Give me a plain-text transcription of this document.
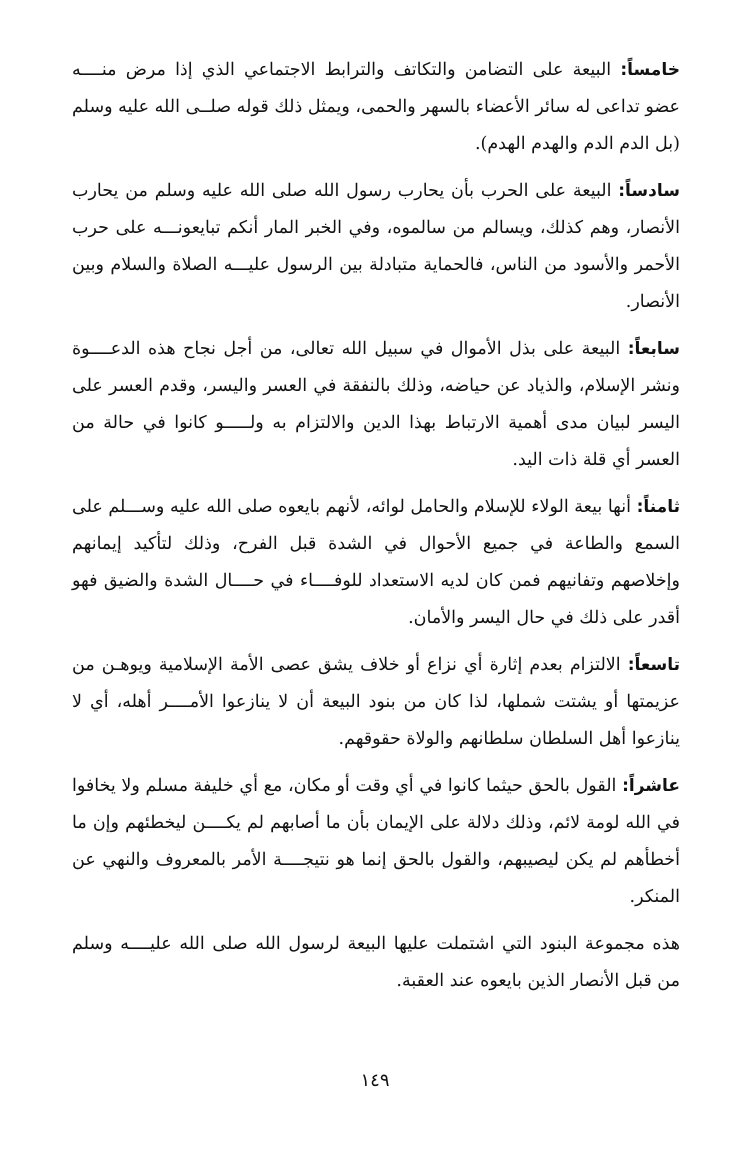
خامساً: البيعة على التضامن والتكاتف والترابط الاجتماعي الذي إذا مرض منــــه عضو تداعى له سائر الأعضاء بالسهر والحمى، ويمثل ذلك قوله صلــى الله عليه وسلم (بل الدم الدم والهدم الهدم).

سادساً: البيعة على الحرب بأن يحارب رسول الله صلى الله عليه وسلم من يحارب الأنصار، وهم كذلك، ويسالم من سالموه، وفي الخبر المار أنكم تبايعونـــه على حرب الأحمر والأسود من الناس، فالحماية متبادلة بين الرسول عليـــه الصلاة والسلام وبين الأنصار.

سابعاً: البيعة على بذل الأموال في سبيل الله تعالى، من أجل نجاح هذه الدعــــوة ونشر الإسلام، والذياد عن حياضه، وذلك بالنفقة في العسر واليسر، وقدم العسر على اليسر لبيان مدى أهمية الارتباط بهذا الدين والالتزام به ولـــــو كانوا في حالة من العسر أي قلة ذات اليد.

ثامناً: أنها بيعة الولاء للإسلام والحامل لوائه، لأنهم بايعوه صلى الله عليه وســـلم على السمع والطاعة في جميع الأحوال في الشدة قبل الفرح، وذلك لتأكيد إيمانهم وإخلاصهم وتفانيهم فمن كان لديه الاستعداد للوفــــاء في حــــال الشدة والضيق فهو أقدر على ذلك في حال اليسر والأمان.

تاسعاً: الالتزام بعدم إثارة أي نزاع أو خلاف يشق عصى الأمة الإسلامية ويوهـن من عزيمتها أو يشتت شملها، لذا كان من بنود البيعة أن لا ينازعوا الأمــــر أهله، أي لا ينازعوا أهل السلطان سلطانهم والولاة حقوقهم.

عاشراً: القول بالحق حيثما كانوا في أي وقت أو مكان، مع أي خليفة مسلم ولا يخافوا في الله لومة لائم، وذلك دلالة على الإيمان بأن ما أصابهم لم يكــــن ليخطئهم وإن ما أخطأهم لم يكن ليصيبهم، والقول بالحق إنما هو نتيجــــة الأمر بالمعروف والنهي عن المنكر.

هذه مجموعة البنود التي اشتملت عليها البيعة لرسول الله صلى الله عليــــه وسلم من قبل الأنصار الذين بايعوه عند العقبة.

١٤٩
